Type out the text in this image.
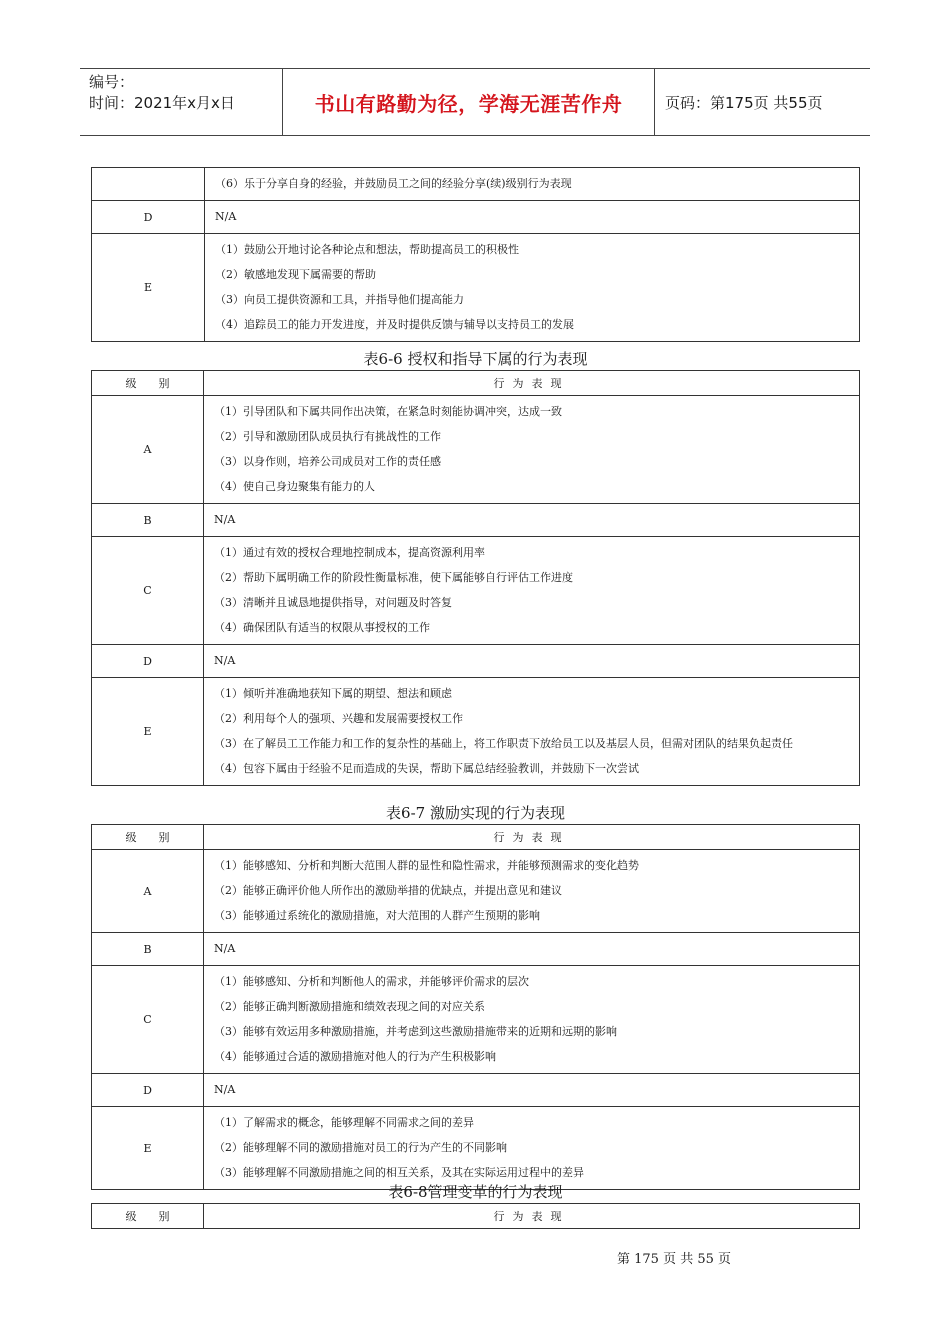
编号：
时间：2021年x月x日	书山有路勤为径，学海无涯苦作舟	页码：第175页 共55页

	（6）乐于分享自身的经验，并鼓励员工之间的经验分享(续)级别行为表现

D	N/A

E	（1）鼓励公开地讨论各种论点和想法，帮助提高员工的积极性
（2）敏感地发现下属需要的帮助
（3）向员工提供资源和工具，并指导他们提高能力
（4）追踪员工的能力开发进度，并及时提供反馈与辅导以支持员工的发展
表6-6 授权和指导下属的行为表现
级别	行为表现
A	（1）引导团队和下属共同作出决策，在紧急时刻能协调冲突，达成一致
（2）引导和激励团队成员执行有挑战性的工作
（3）以身作则，培养公司成员对工作的责任感
（4）使自己身边聚集有能力的人

B	N/A

C	（1）通过有效的授权合理地控制成本，提高资源利用率
（2）帮助下属明确工作的阶段性衡量标准，使下属能够自行评估工作进度
（3）清晰并且诚恳地提供指导，对问题及时答复
（4）确保团队有适当的权限从事授权的工作

D	N/A

E	（1）倾听并准确地获知下属的期望、想法和顾虑
（2）利用每个人的强项、兴趣和发展需要授权工作
（3）在了解员工工作能力和工作的复杂性的基础上，将工作职责下放给员工以及基层人员，但需对团队的结果负起责任
（4）包容下属由于经验不足而造成的失误，帮助下属总结经验教训，并鼓励下一次尝试
表6-7 激励实现的行为表现
级别	行为表现
A	（1）能够感知、分析和判断大范围人群的显性和隐性需求，并能够预测需求的变化趋势
（2）能够正确评价他人所作出的激励举措的优缺点，并提出意见和建议
（3）能够通过系统化的激励措施，对大范围的人群产生预期的影响

B	N/A

C	（1）能够感知、分析和判断他人的需求，并能够评价需求的层次
（2）能够正确判断激励措施和绩效表现之间的对应关系
（3）能够有效运用多种激励措施，并考虑到这些激励措施带来的近期和远期的影响
（4）能够通过合适的激励措施对他人的行为产生积极影响

D	N/A

E	（1）了解需求的概念，能够理解不同需求之间的差异
（2）能够理解不同的激励措施对员工的行为产生的不同影响
（3）能够理解不同激励措施之间的相互关系，及其在实际运用过程中的差异
表6-8管理变革的行为表现
级别	行为表现
第 175 页 共 55 页
